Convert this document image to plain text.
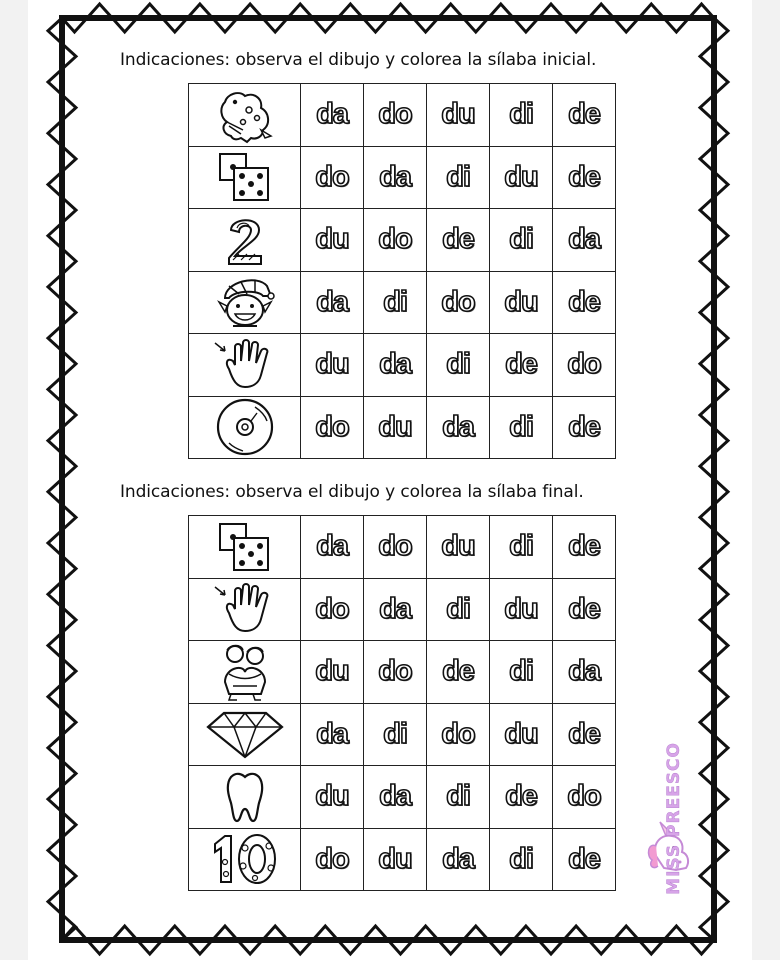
Indicaciones: observa el dibujo y colorea la sílaba inicial.
	da	do	du	di	de

	do	da	di	du	de

	du	do	de	di	da

	da	di	do	du	de

	du	da	di	de	do

	do	du	da	di	de
Indicaciones: observa el dibujo y colorea la sílaba final.
	da	do	du	di	de

	do	da	di	du	de

	du	do	de	di	da

	da	di	do	du	de

	du	da	di	de	do

	do	du	da	di	de	MISS PREESCO
